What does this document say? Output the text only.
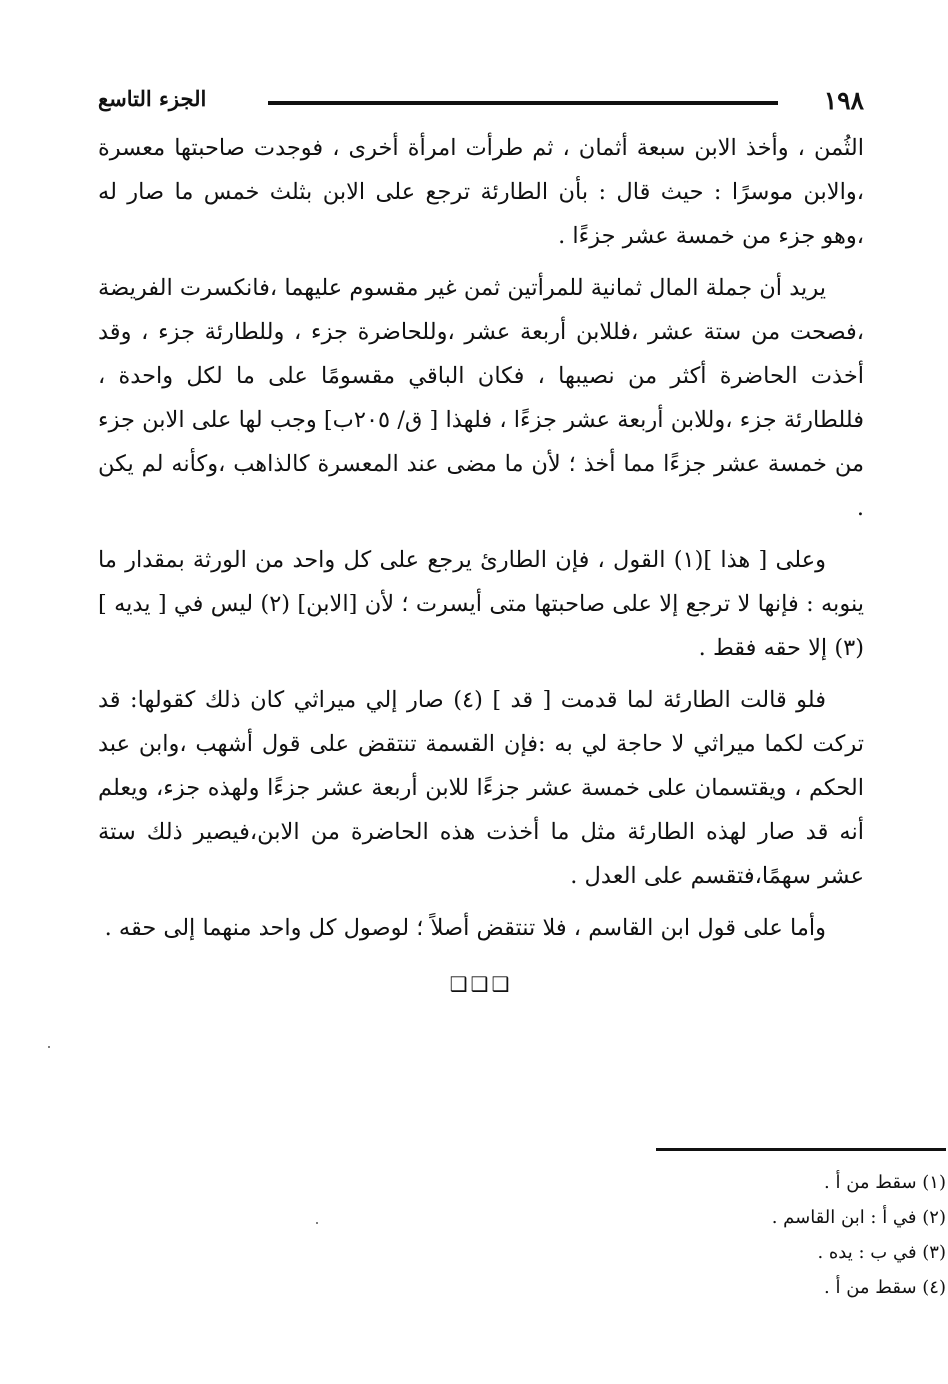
١٩٨
الجزء التاسع

الثُمن ، وأخذ الابن سبعة أثمان ، ثم طرأت امرأة أخرى ، فوجدت صاحبتها معسرة ،والابن موسرًا : حيث قال : بأن الطارئة ترجع على الابن بثلث خمس ما صار له ،وهو جزء من خمسة عشر جزءًا .

يريد أن جملة المال ثمانية للمرأتين ثمن غير مقسوم عليهما ،فانكسرت الفريضة ،فصحت من ستة عشر ،فللابن أربعة عشر ،وللحاضرة جزء ، وللطارئة جزء ، وقد أخذت الحاضرة أكثر من نصيبها ، فكان الباقي مقسومًا على ما لكل واحدة ، فللطارئة جزء ،وللابن أربعة عشر جزءًا ، فلهذا [ ق/ ٢٠٥ب] وجب لها على الابن جزء من خمسة عشر جزءًا مما أخذ ؛ لأن ما مضى عند المعسرة كالذاهب ،وكأنه لم يكن .

وعلى [ هذا ](١) القول ، فإن الطارئ يرجع على كل واحد من الورثة بمقدار ما ينوبه : فإنها لا ترجع إلا على صاحبتها متى أيسرت ؛ لأن [الابن] (٢) ليس في [ يديه ] (٣) إلا حقه فقط .

فلو قالت الطارئة لما قدمت [ قد ] (٤) صار إلي ميراثي كان ذلك كقولها: قد تركت لكما ميراثي لا حاجة لي به :فإن القسمة تنتقض على قول أشهب ،وابن عبد الحكم ، ويقتسمان على خمسة عشر جزءًا للابن أربعة عشر جزءًا ولهذه جزء، ويعلم أنه قد صار لهذه الطارئة مثل ما أخذت هذه الحاضرة من الابن،فيصير ذلك ستة عشر سهمًا،فتقسم على العدل .

وأما على قول ابن القاسم ، فلا تنتقض أصلاً ؛ لوصول كل واحد منهما إلى حقه .

❑❑❑
(١) سقط من أ .
(٢) في أ : ابن القاسم .
(٣) في ب : يده .
(٤) سقط من أ .
